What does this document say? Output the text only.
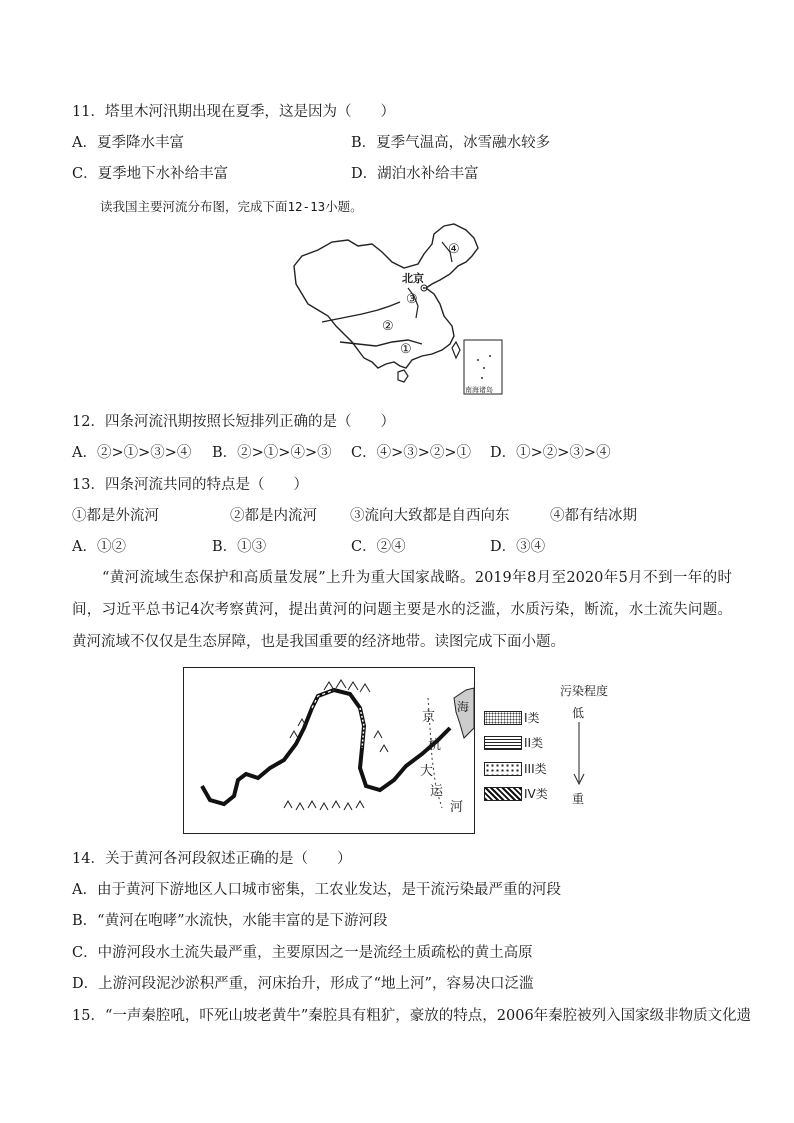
11．塔里木河汛期出现在夏季，这是因为（　　）
A．夏季降水丰富	B．夏季气温高，冰雪融水较多
C．夏季地下水补给丰富	D．湖泊水补给丰富
读我国主要河流分布图，完成下面12-13小题。
北京
①
②
③
④
南海诸岛
12．四条河流汛期按照长短排列正确的是（　　）
A．②>①>③>④ B．②>①>④>③ C．④>③>②>① D．①>②>③>④
13．四条河流共同的特点是（　　）
①都是外流河	②都是内流河 ③流向大致都是自西向东	④都有结冰期
A．①②	B．①③	C．②④	D．③④
“黄河流域生态保护和高质量发展”上升为重大国家战略。2019年8月至2020年5月不到一年的时间，习近平总书记4次考察黄河，提出黄河的问题主要是水的泛滥，水质污染，断流，水土流失问题。黄河流域不仅仅是生态屏障，也是我国重要的经济地带。读图完成下面小题。
京
杭
大
运
河
海
I类
II类
III类
IV类
污染程度
低
重
14．关于黄河各河段叙述正确的是（　　）
A．由于黄河下游地区人口城市密集，工农业发达，是干流污染最严重的河段
B．“黄河在咆哮”水流快，水能丰富的是下游河段
C．中游河段水土流失最严重，主要原因之一是流经土质疏松的黄土高原
D．上游河段泥沙淤积严重，河床抬升，形成了“地上河”，容易决口泛滥
15．“一声秦腔吼，吓死山坡老黄牛”秦腔具有粗犷，豪放的特点，2006年秦腔被列入国家级非物质文化遗
